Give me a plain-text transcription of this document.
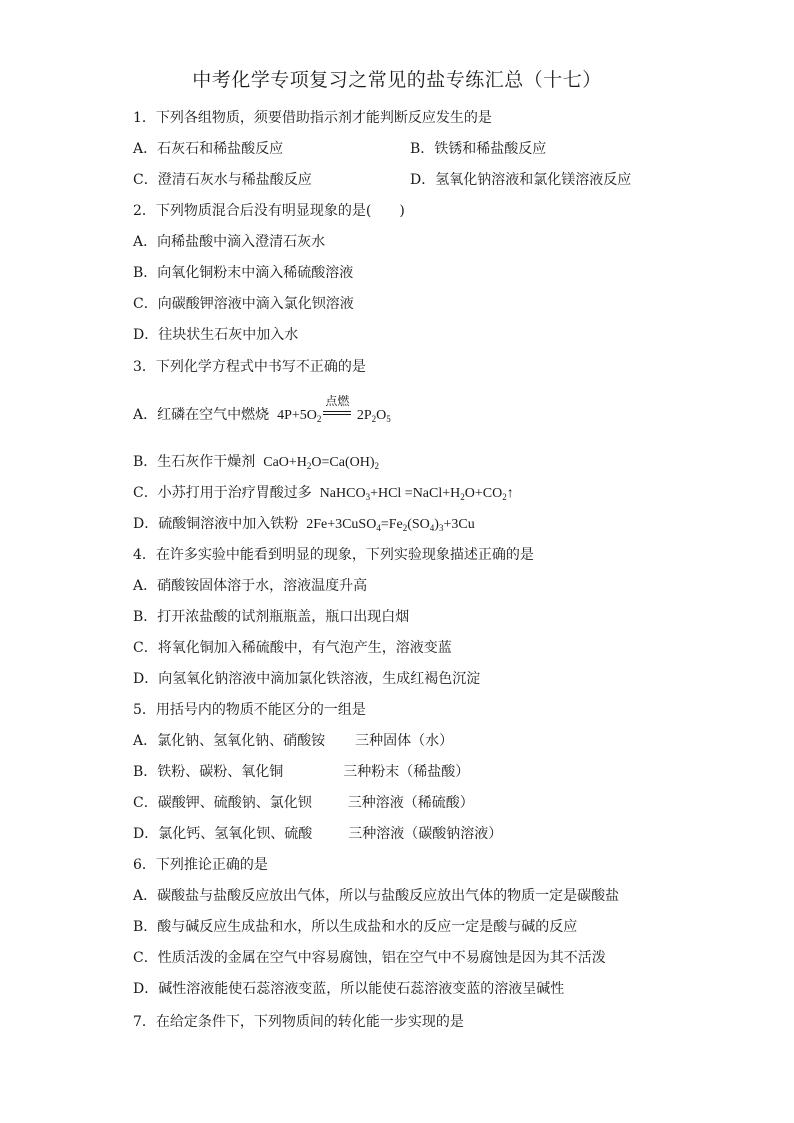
中考化学专项复习之常见的盐专练汇总（十七）
1．下列各组物质，须要借助指示剂才能判断反应发生的是
A．石灰石和稀盐酸反应	B．铁锈和稀盐酸反应
C．澄清石灰水与稀盐酸反应	D．氢氧化钠溶液和氯化镁溶液反应
2．下列物质混合后没有明显现象的是(　　)
A．向稀盐酸中滴入澄清石灰水
B．向氧化铜粉末中滴入稀硫酸溶液
C．向碳酸钾溶液中滴入氯化钡溶液
D．往块状生石灰中加入水
3．下列化学方程式中书写不正确的是
A．红磷在空气中燃烧  $4P+5O_2$
点燃
$2P_2O_5$
B．生石灰作干燥剂  $CaO+H_2O=Ca(OH)_2$
C．小苏打用于治疗胃酸过多  NaHCO$_3$+HCl $=NaCl+H_2O+CO_2↑$
D．硫酸铜溶液中加入铁粉  $2Fe+3CuSO_4=Fe_2(SO_4)_3+3Cu$
4．在许多实验中能看到明显的现象，下列实验现象描述正确的是
A．硝酸铵固体溶于水，溶液温度升高
B．打开浓盐酸的试剂瓶瓶盖，瓶口出现白烟
C．将氧化铜加入稀硫酸中，有气泡产生，溶液变蓝
D．向氢氧化钠溶液中滴加氯化铁溶液，生成红褐色沉淀
5．用括号内的物质不能区分的一组是
A．氯化钠、氢氧化钠、硝酸铵 三种固体（水）
B．铁粉、碳粉、氧化铜	三种粉末（稀盐酸）
C．碳酸钾、硫酸钠、氯化钡	三种溶液（稀硫酸）
D．氯化钙、氢氧化钡、硫酸	三种溶液（碳酸钠溶液）
6．下列推论正确的是
A．碳酸盐与盐酸反应放出气体，所以与盐酸反应放出气体的物质一定是碳酸盐
B．酸与碱反应生成盐和水，所以生成盐和水的反应一定是酸与碱的反应
C．性质活泼的金属在空气中容易腐蚀，铝在空气中不易腐蚀是因为其不活泼
D．碱性溶液能使石蕊溶液变蓝，所以能使石蕊溶液变蓝的溶液呈碱性
7．在给定条件下，下列物质间的转化能一步实现的是
